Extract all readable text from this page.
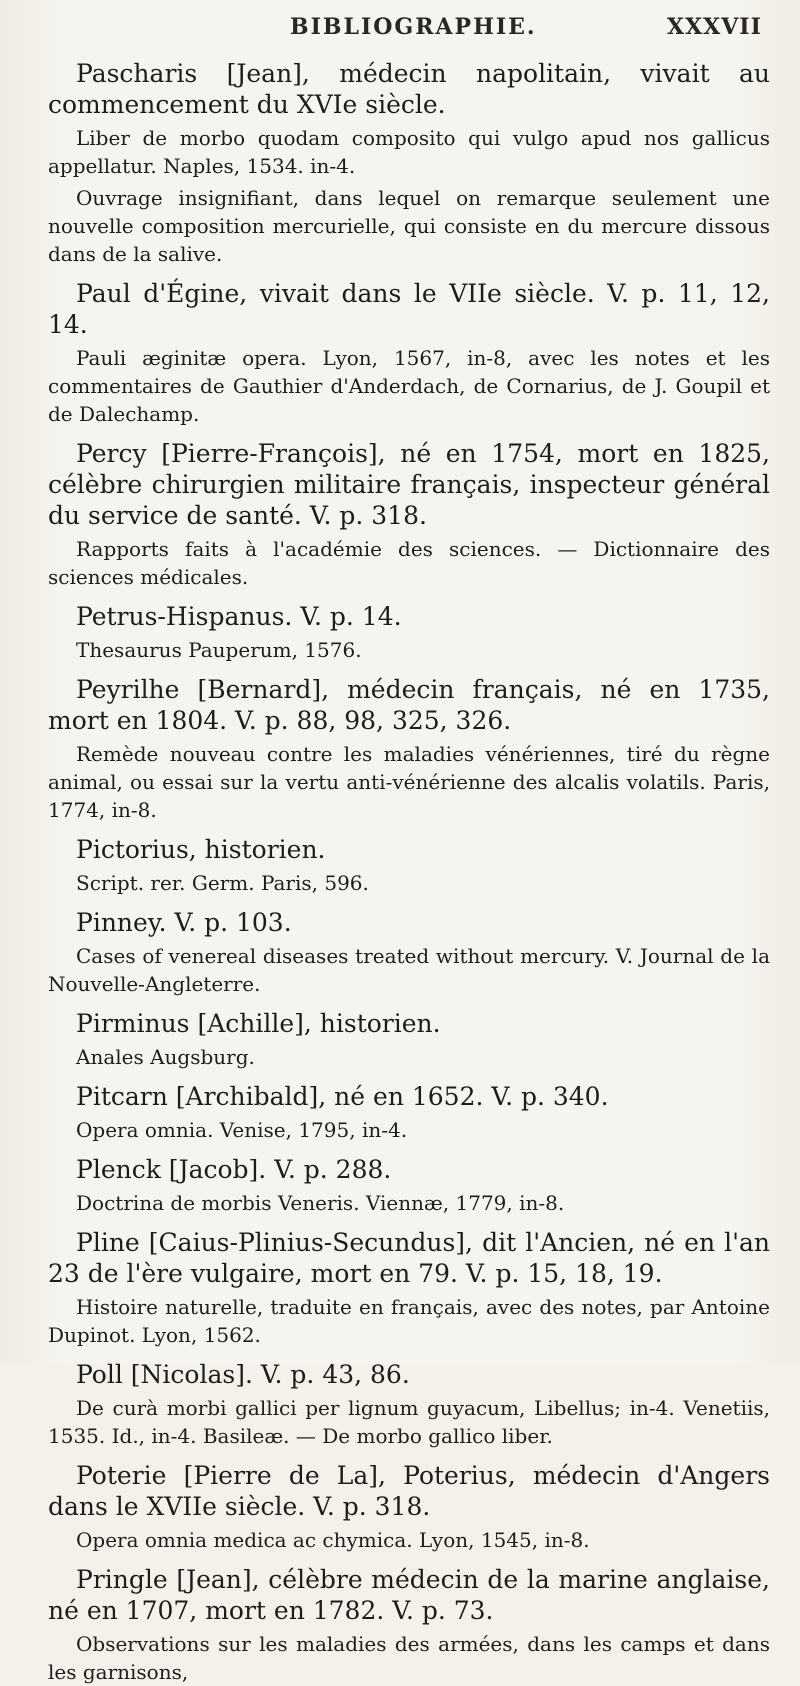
BIBLIOGRAPHIE.	XXXVII

Pascharis [Jean], médecin napolitain, vivait au commencement du XVIe siècle.

Liber de morbo quodam composito qui vulgo apud nos gallicus appellatur. Naples, 1534. in-4.

Ouvrage insignifiant, dans lequel on remarque seulement une nouvelle composition mercurielle, qui consiste en du mercure dissous dans de la salive.

Paul d'Égine, vivait dans le VIIe siècle. V. p. 11, 12, 14.

Pauli æginitæ opera. Lyon, 1567, in-8, avec les notes et les commentaires de Gauthier d'Anderdach, de Cornarius, de J. Goupil et de Dalechamp.

Percy [Pierre-François], né en 1754, mort en 1825, célèbre chirurgien militaire français, inspecteur général du service de santé. V. p. 318.

Rapports faits à l'académie des sciences. — Dictionnaire des sciences médicales.

Petrus-Hispanus. V. p. 14.

Thesaurus Pauperum, 1576.

Peyrilhe [Bernard], médecin français, né en 1735, mort en 1804. V. p. 88, 98, 325, 326.

Remède nouveau contre les maladies vénériennes, tiré du règne animal, ou essai sur la vertu anti-vénérienne des alcalis volatils. Paris, 1774, in-8.

Pictorius, historien.

Script. rer. Germ. Paris, 596.

Pinney. V. p. 103.

Cases of venereal diseases treated without mercury. V. Journal de la Nouvelle-Angleterre.

Pirminus [Achille], historien.

Anales Augsburg.

Pitcarn [Archibald], né en 1652. V. p. 340.

Opera omnia. Venise, 1795, in-4.

Plenck [Jacob]. V. p. 288.

Doctrina de morbis Veneris. Viennæ, 1779, in-8.

Pline [Caius-Plinius-Secundus], dit l'Ancien, né en l'an 23 de l'ère vulgaire, mort en 79. V. p. 15, 18, 19.

Histoire naturelle, traduite en français, avec des notes, par Antoine Dupinot. Lyon, 1562.

Poll [Nicolas]. V. p. 43, 86.

De curà morbi gallici per lignum guyacum, Libellus; in-4. Venetiis, 1535. Id., in-4. Basileæ. — De morbo gallico liber.

Poterie [Pierre de La], Poterius, médecin d'Angers dans le XVIIe siècle. V. p. 318.

Opera omnia medica ac chymica. Lyon, 1545, in-8.

Pringle [Jean], célèbre médecin de la marine anglaise, né en 1707, mort en 1782. V. p. 73.

Observations sur les maladies des armées, dans les camps et dans les garnisons,
